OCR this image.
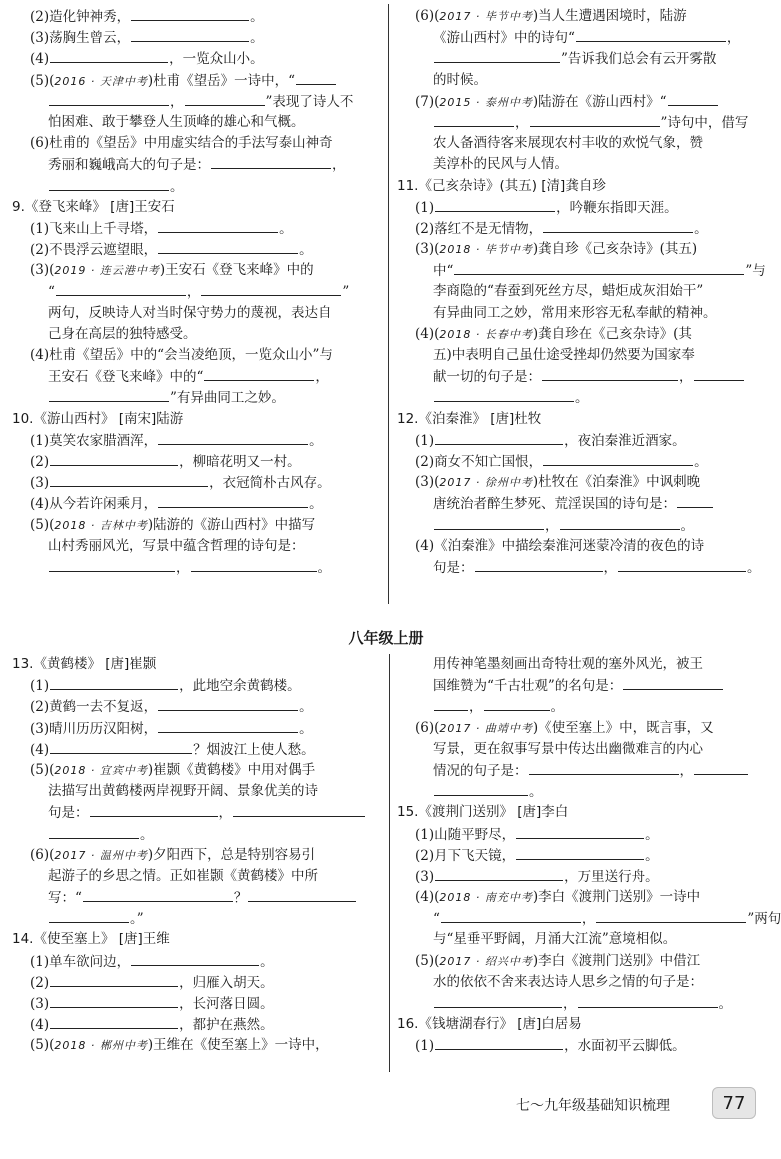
(2)造化钟神秀，	。
(3)荡胸生曾云，	。
(4)	，一览众山小。
(5)(2016 · 天津中考)杜甫《望岳》一诗中，“
，	”表现了诗人不
怕困难、敢于攀登人生顶峰的雄心和气概。
(6)杜甫的《望岳》中用虚实结合的手法写泰山神奇
秀丽和巍峨高大的句子是：	，
。
9.《登飞来峰》 [唐]王安石
(1)飞来山上千寻塔，	。
(2)不畏浮云遮望眼，	。
(3)(2019 · 连云港中考)王安石《登飞来峰》中的
“	，	”
两句，反映诗人对当时保守势力的蔑视，表达自
己身在高层的独特感受。
(4)杜甫《望岳》中的“会当凌绝顶，一览众山小”与
王安石《登飞来峰》中的“	，
”有异曲同工之妙。
10.《游山西村》 [南宋]陆游
(1)莫笑农家腊酒浑，	。
(2)	，柳暗花明又一村。
(3)	，衣冠简朴古风存。
(4)从今若许闲乘月，	。
(5)(2018 · 吉林中考)陆游的《游山西村》中描写
山村秀丽风光，写景中蕴含哲理的诗句是：
，	。
(6)(2017 · 毕节中考)当人生遭遇困境时，陆游
《游山西村》中的诗句“	，
”告诉我们总会有云开雾散
的时候。
(7)(2015 · 泰州中考)陆游在《游山西村》“
，	”诗句中，借写
农人备酒待客来展现农村丰收的欢悦气象，赞
美淳朴的民风与人情。
11.《己亥杂诗》(其五) [清]龚自珍
(1)	，吟鞭东指即天涯。
(2)落红不是无情物，	。
(3)(2018 · 毕节中考)龚自珍《己亥杂诗》(其五)
中“	”与
李商隐的“春蚕到死丝方尽，蜡炬成灰泪始干”
有异曲同工之妙，常用来形容无私奉献的精神。
(4)(2018 · 长春中考)龚自珍在《己亥杂诗》(其
五)中表明自己虽仕途受挫却仍然要为国家奉
献一切的句子是：	，
。
12.《泊秦淮》 [唐]杜牧
(1)	，夜泊秦淮近酒家。
(2)商女不知亡国恨，	。
(3)(2017 · 徐州中考)杜牧在《泊秦淮》中讽刺晚
唐统治者醉生梦死、荒淫误国的诗句是：
，	。
(4)《泊秦淮》中描绘秦淮河迷蒙冷清的夜色的诗
句是：	，	。
八年级上册
13.《黄鹤楼》 [唐]崔颢
(1)	，此地空余黄鹤楼。
(2)黄鹤一去不复返，	。
(3)晴川历历汉阳树，	。
(4)	？烟波江上使人愁。
(5)(2018 · 宜宾中考)崔颢《黄鹤楼》中用对偶手
法描写出黄鹤楼两岸视野开阔、景象优美的诗
句是：	，
。
(6)(2017 · 温州中考)夕阳西下，总是特别容易引
起游子的乡思之情。正如崔颢《黄鹤楼》中所
写：“	？
。”
14.《使至塞上》 [唐]王维
(1)单车欲问边，	。
(2)	，归雁入胡天。
(3)	，长河落日圆。
(4)	，都护在燕然。
(5)(2018 · 郴州中考)王维在《使至塞上》一诗中，
用传神笔墨刻画出奇特壮观的塞外风光，被王
国维赞为“千古壮观”的名句是：
，	。
(6)(2017 · 曲靖中考)《使至塞上》中，既言事，又
写景，更在叙事写景中传达出幽微难言的内心
情况的句子是：	，
。
15.《渡荆门送别》 [唐]李白
(1)山随平野尽，	。
(2)月下飞天镜，	。
(3)	，万里送行舟。
(4)(2018 · 南充中考)李白《渡荆门送别》一诗中
“	，	”两句
与“星垂平野阔，月涌大江流”意境相似。
(5)(2017 · 绍兴中考)李白《渡荆门送别》中借江
水的依依不舍来表达诗人思乡之情的句子是：
，	。
16.《钱塘湖春行》 [唐]白居易
(1)	，水面初平云脚低。
七～九年级基础知识梳理	77
